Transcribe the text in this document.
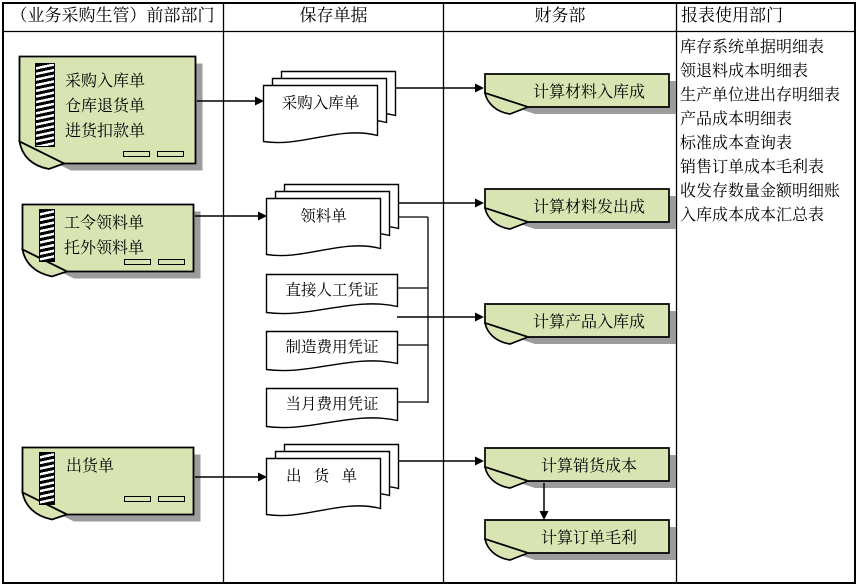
（业务采购生管）前部部门	保存单据	财务部	报表使用部门
库存系统单据明细表
领退料成本明细表
生产单位进出存明细表
产品成本明细表
标准成本查询表
销售订单成本毛利表
收发存数量金额明细账
入库成本成本汇总表
采购入库单
仓库退货单
进货扣款单
工令领料单
托外领料单
出货单
采购入库单
领料单
直接人工凭证
制造费用凭证
当月费用凭证
出 货 单
计算材料入库成
计算材料发出成
计算产品入库成
计算销货成本
计算订单毛利
